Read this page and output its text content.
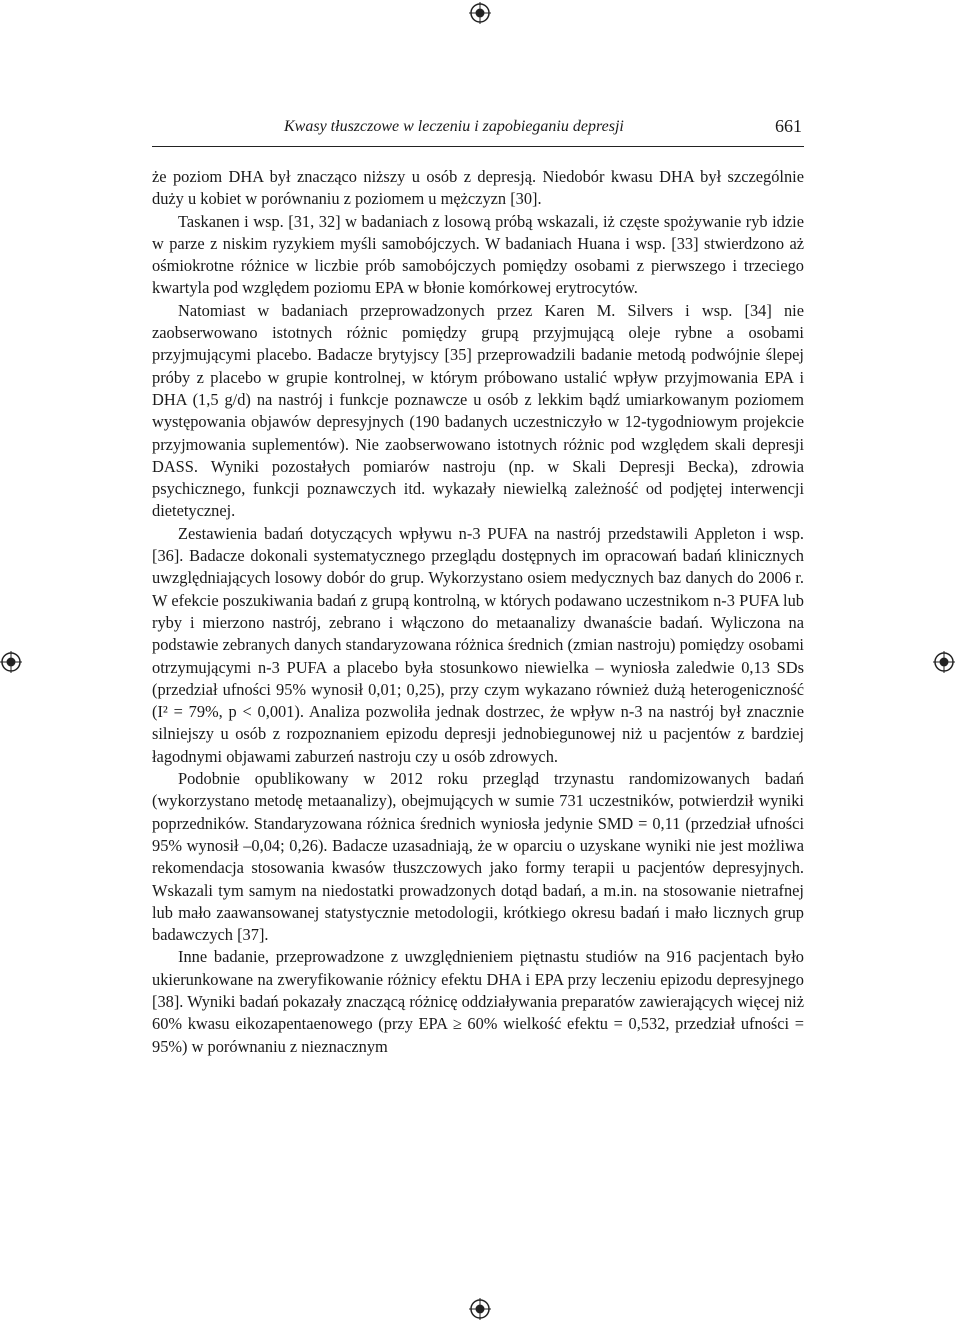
Kwasy tłuszczowe w leczeniu i zapobieganiu depresji	661

że poziom DHA był znacząco niższy u osób z depresją. Niedobór kwasu DHA był szczególnie duży u kobiet w porównaniu z poziomem u mężczyzn [30].

Taskanen i wsp. [31, 32] w badaniach z losową próbą wskazali, iż częste spożywanie ryb idzie w parze z niskim ryzykiem myśli samobójczych. W badaniach Huana i wsp. [33] stwierdzono aż ośmiokrotne różnice w liczbie prób samobójczych pomiędzy osobami z pierwszego i trzeciego kwartyla pod względem poziomu EPA w błonie komórkowej erytrocytów.

Natomiast w badaniach przeprowadzonych przez Karen M. Silvers i wsp. [34] nie zaobserwowano istotnych różnic pomiędzy grupą przyjmującą oleje rybne a osobami przyjmującymi placebo. Badacze brytyjscy [35] przeprowadzili badanie metodą podwójnie ślepej próby z placebo w grupie kontrolnej, w którym próbowano ustalić wpływ przyjmowania EPA i DHA (1,5 g/d) na nastrój i funkcje poznawcze u osób z lekkim bądź umiarkowanym poziomem występowania objawów depresyjnych (190 badanych uczestniczyło w 12-tygodniowym projekcie przyjmowania suplementów). Nie zaobserwowano istotnych różnic pod względem skali depresji DASS. Wyniki pozostałych pomiarów nastroju (np. w Skali Depresji Becka), zdrowia psychicznego, funkcji poznawczych itd. wykazały niewielką zależność od podjętej interwencji dietetycznej.

Zestawienia badań dotyczących wpływu n-3 PUFA na nastrój przedstawili Appleton i wsp. [36]. Badacze dokonali systematycznego przeglądu dostępnych im opracowań badań klinicznych uwzględniających losowy dobór do grup. Wykorzystano osiem medycznych baz danych do 2006 r. W efekcie poszukiwania badań z grupą kontrolną, w których podawano uczestnikom n-3 PUFA lub ryby i mierzono nastrój, zebrano i włączono do metaanalizy dwanaście badań. Wyliczona na podstawie zebranych danych standaryzowana różnica średnich (zmian nastroju) pomiędzy osobami otrzymującymi n-3 PUFA a placebo była stosunkowo niewielka – wyniosła zaledwie 0,13 SDs (przedział ufności 95% wynosił 0,01; 0,25), przy czym wykazano również dużą heterogeniczność (I² = 79%, p < 0,001). Analiza pozwoliła jednak dostrzec, że wpływ n-3 na nastrój był znacznie silniejszy u osób z rozpoznaniem epizodu depresji jednobiegunowej niż u pacjentów z bardziej łagodnymi objawami zaburzeń nastroju czy u osób zdrowych.

Podobnie opublikowany w 2012 roku przegląd trzynastu randomizowanych badań (wykorzystano metodę metaanalizy), obejmujących w sumie 731 uczestników, potwierdził wyniki poprzedników. Standaryzowana różnica średnich wyniosła jedynie SMD = 0,11 (przedział ufności 95% wynosił –0,04; 0,26). Badacze uzasadniają, że w oparciu o uzyskane wyniki nie jest możliwa rekomendacja stosowania kwasów tłuszczowych jako formy terapii u pacjentów depresyjnych. Wskazali tym samym na niedostatki prowadzonych dotąd badań, a m.in. na stosowanie nietrafnej lub mało zaawansowanej statystycznie metodologii, krótkiego okresu badań i mało licznych grup badawczych [37].

Inne badanie, przeprowadzone z uwzględnieniem piętnastu studiów na 916 pacjentach było ukierunkowane na zweryfikowanie różnicy efektu DHA i EPA przy leczeniu epizodu depresyjnego [38]. Wyniki badań pokazały znaczącą różnicę oddziaływania preparatów zawierających więcej niż 60% kwasu eikozapentaenowego (przy EPA ≥ 60% wielkość efektu = 0,532, przedział ufności = 95%) w porównaniu z nieznacznym
